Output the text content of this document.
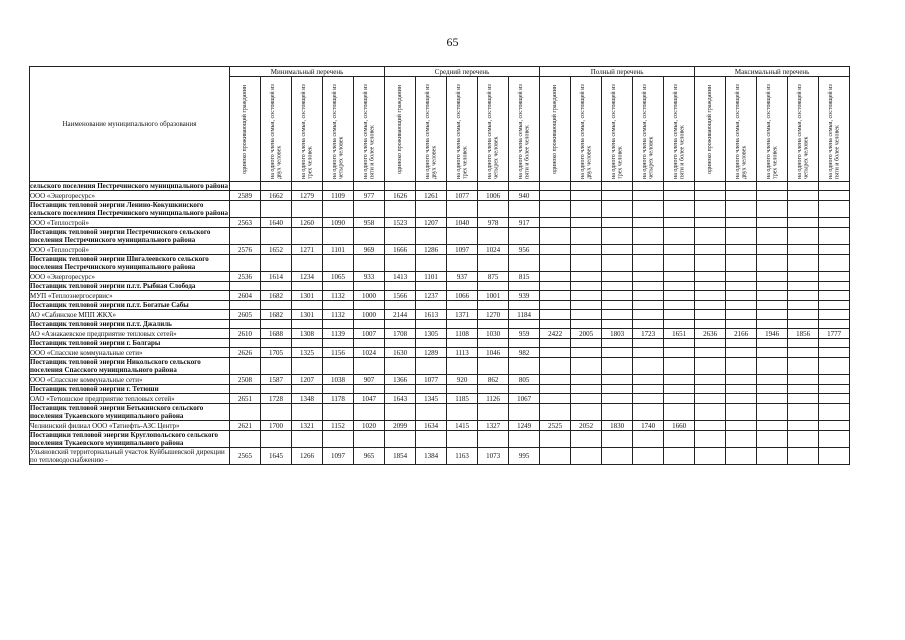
65
Наименование муниципального образования	Минимальный перечень					Средний перечень					Полный перечень					Максимальный перечень				

	одиноко проживающий гражданин	на одного члена семьи, состоящей из двух человек	на одного члена семьи, состоящей из трех человек	на одного члена семьи, состоящей из четырех человек	на одного члена семьи, состоящей из пяти и более человек	одиноко проживающий гражданин	на одного члена семьи, состоящей из двух человек	на одного члена семьи, состоящей из трех человек	на одного члена семьи, состоящей из четырех человек	на одного члена семьи, состоящей из пяти и более человек	одиноко проживающий гражданин	на одного члена семьи, состоящей из двух человек	на одного члена семьи, состоящей из трех человек	на одного члена семьи, состоящей из четырех человек	на одного члена семьи, состоящей из пяти и более человек	одиноко проживающий гражданин	на одного члена семьи, состоящей из двух человек	на одного члена семьи, состоящей из трех человек	на одного члена семьи, состоящей из четырех человек	на одного члена семьи, состоящей из пяти и более человек

сельского поселения Пестречинского муниципального района																				
ООО «Энергоресурс»	2589	1662	1279	1109	977	1626	1261	1077	1006	940										
Поставщик тепловой энергии Ленино-Кокушкинского сельского поселения Пестречинского муниципального района																				
ООО «Теплострой»	2563	1640	1260	1090	958	1523	1207	1040	978	917										
Поставщик тепловой энергии Пестречинского сельского поселения Пестречинского муниципального района																				
ООО «Теплострой»	2576	1652	1271	1101	969	1666	1286	1097	1024	956										
Поставщик тепловой энергии Шигалеевского сельского поселения Пестречинского муниципального района																				
ООО «Энергоресурс»	2536	1614	1234	1065	933	1413	1101	937	875	815										
Поставщик тепловой энергии п.г.т. Рыбная Слобода																				
МУП «Теплоэнергосервис»	2604	1682	1301	1132	1000	1566	1237	1066	1001	939										
Поставщик тепловой энергии п.г.т. Богатые Сабы																				
АО «Сабинское МПП ЖКХ»	2605	1682	1301	1132	1000	2144	1613	1371	1270	1184										
Поставщик тепловой энергии п.г.т. Джалиль																				
АО «Азнакаевское предприятие тепловых сетей»	2610	1688	1308	1139	1007	1708	1305	1108	1030	959	2422	2005	1803	1723	1651	2636	2166	1946	1856	1777
Поставщик тепловой энергии г. Болгары																				
ООО «Спасские коммунальные сети»	2626	1705	1325	1156	1024	1630	1289	1113	1046	982										
Поставщик тепловой энергии Никольского сельского поселения Спасского муниципального района																				
ООО «Спасские коммунальные сети»	2508	1587	1207	1038	907	1366	1077	920	862	805										
Поставщик тепловой энергии г. Тетюши																				
ОАО «Тетюшское предприятие тепловых сетей»	2651	1728	1348	1178	1047	1643	1345	1185	1126	1067										
Поставщик тепловой энергии Бетькинского сельского поселения Тукаевского муниципального района																				
Челнинский филиал ООО «Татнефть-АЗС Центр»	2621	1700	1321	1152	1020	2099	1634	1415	1327	1249	2525	2052	1830	1740	1660					
Поставщики тепловой энергии Круглопольского сельского поселения Тукаевского муниципального района																				
Ульяновский территориальный участок Куйбышевской дирекции по тепловодоснабжению -	2565	1645	1266	1097	965	1854	1384	1163	1073	995										
